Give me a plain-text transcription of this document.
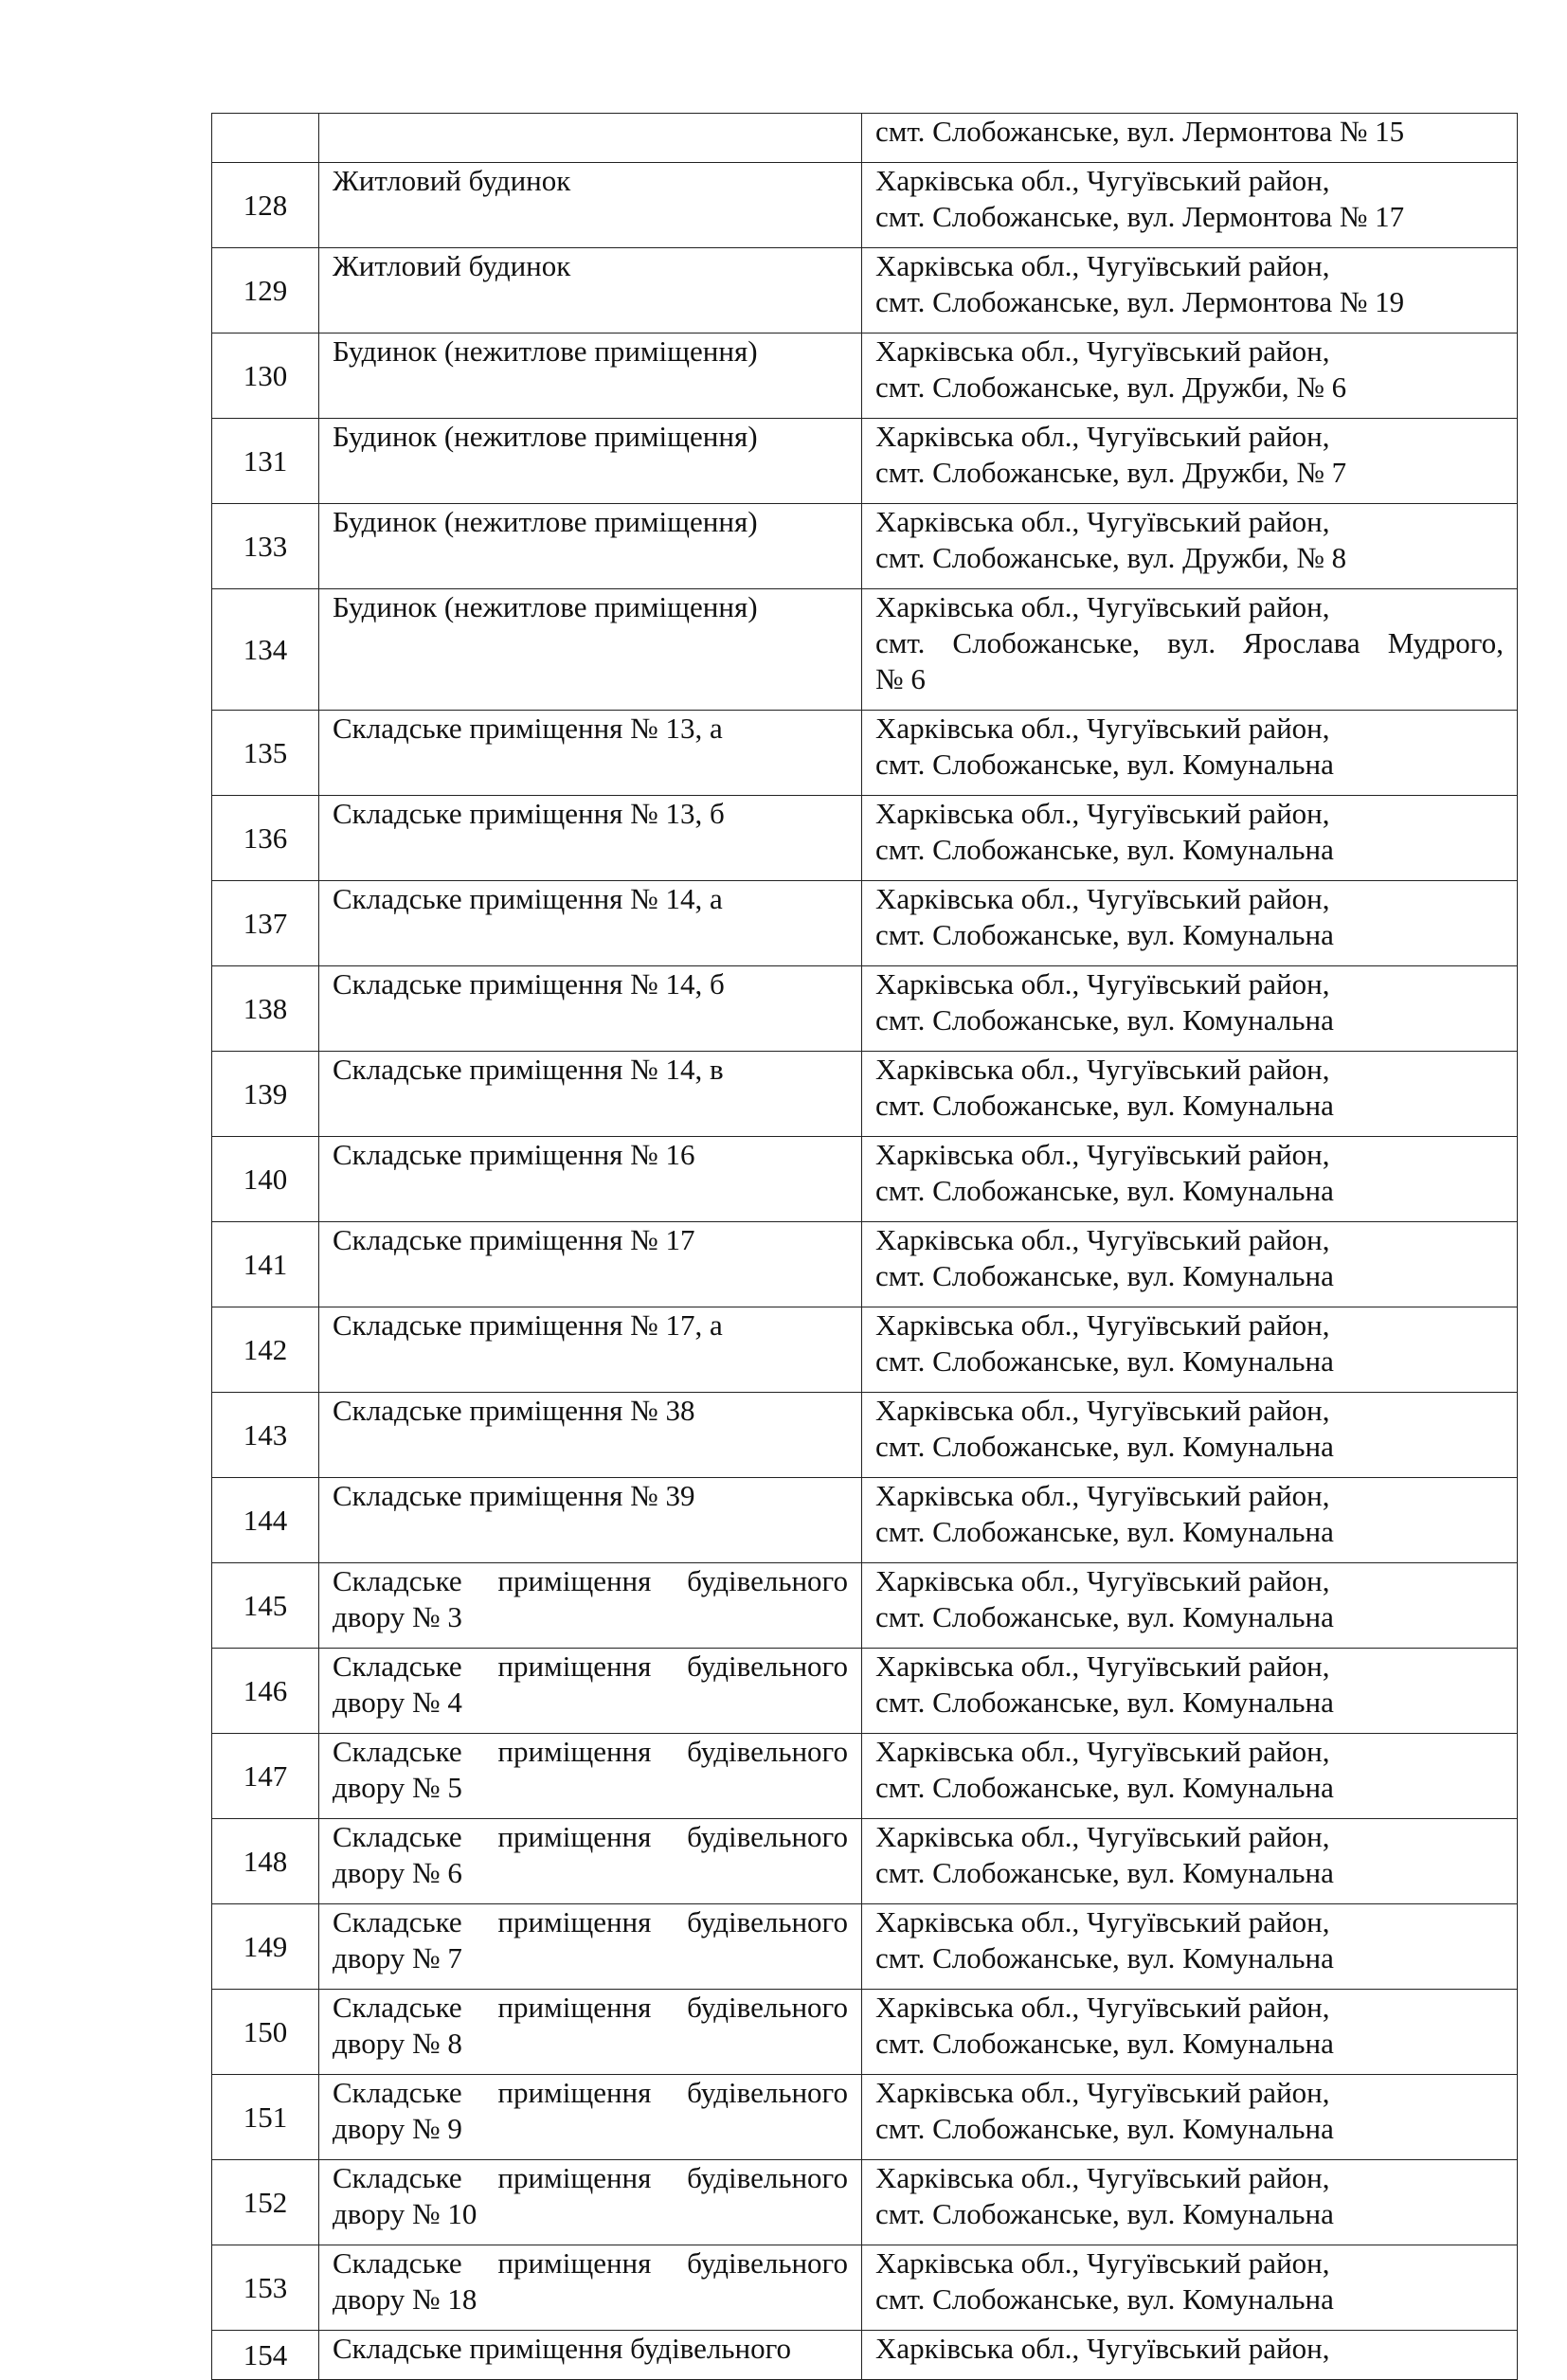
		смт. Слобожанське, вул. Лермонтова № 15

128	Житловий будинок	Харківська обл., Чугуївський район,
смт. Слобожанське, вул. Лермонтова № 17

129	Житловий будинок	Харківська обл., Чугуївський район,
смт. Слобожанське, вул. Лермонтова № 19

130	Будинок (нежитлове приміщення)	Харківська обл., Чугуївський район,
смт. Слобожанське, вул. Дружби, № 6

131	Будинок (нежитлове приміщення)	Харківська обл., Чугуївський район,
смт. Слобожанське, вул. Дружби, № 7

133	Будинок (нежитлове приміщення)	Харківська обл., Чугуївський район,
смт. Слобожанське, вул. Дружби, № 8

134	Будинок (нежитлове приміщення)	Харківська обл., Чугуївський район,
смт. Слобожанське, вул. Ярослава Мудрого,
№ 6

135	Складське приміщення № 13, а	Харківська обл., Чугуївський район,
смт. Слобожанське, вул. Комунальна

136	Складське приміщення № 13, б	Харківська обл., Чугуївський район,
смт. Слобожанське, вул. Комунальна

137	Складське приміщення № 14, а	Харківська обл., Чугуївський район,
смт. Слобожанське, вул. Комунальна

138	Складське приміщення № 14, б	Харківська обл., Чугуївський район,
смт. Слобожанське, вул. Комунальна

139	Складське приміщення № 14, в	Харківська обл., Чугуївський район,
смт. Слобожанське, вул. Комунальна

140	Складське приміщення № 16	Харківська обл., Чугуївський район,
смт. Слобожанське, вул. Комунальна

141	Складське приміщення № 17	Харківська обл., Чугуївський район,
смт. Слобожанське, вул. Комунальна

142	Складське приміщення № 17, а	Харківська обл., Чугуївський район,
смт. Слобожанське, вул. Комунальна

143	Складське приміщення № 38	Харківська обл., Чугуївський район,
смт. Слобожанське, вул. Комунальна

144	Складське приміщення № 39	Харківська обл., Чугуївський район,
смт. Слобожанське, вул. Комунальна

145	Складське приміщення будівельного
двору № 3	Харківська обл., Чугуївський район,
смт. Слобожанське, вул. Комунальна

146	Складське приміщення будівельного
двору № 4	Харківська обл., Чугуївський район,
смт. Слобожанське, вул. Комунальна

147	Складське приміщення будівельного
двору № 5	Харківська обл., Чугуївський район,
смт. Слобожанське, вул. Комунальна

148	Складське приміщення будівельного
двору № 6	Харківська обл., Чугуївський район,
смт. Слобожанське, вул. Комунальна

149	Складське приміщення будівельного
двору № 7	Харківська обл., Чугуївський район,
смт. Слобожанське, вул. Комунальна

150	Складське приміщення будівельного
двору № 8	Харківська обл., Чугуївський район,
смт. Слобожанське, вул. Комунальна

151	Складське приміщення будівельного
двору № 9	Харківська обл., Чугуївський район,
смт. Слобожанське, вул. Комунальна

152	Складське приміщення будівельного
двору № 10	Харківська обл., Чугуївський район,
смт. Слобожанське, вул. Комунальна

153	Складське приміщення будівельного
двору № 18	Харківська обл., Чугуївський район,
смт. Слобожанське, вул. Комунальна

154	Складське приміщення будівельного	Харківська обл., Чугуївський район,
